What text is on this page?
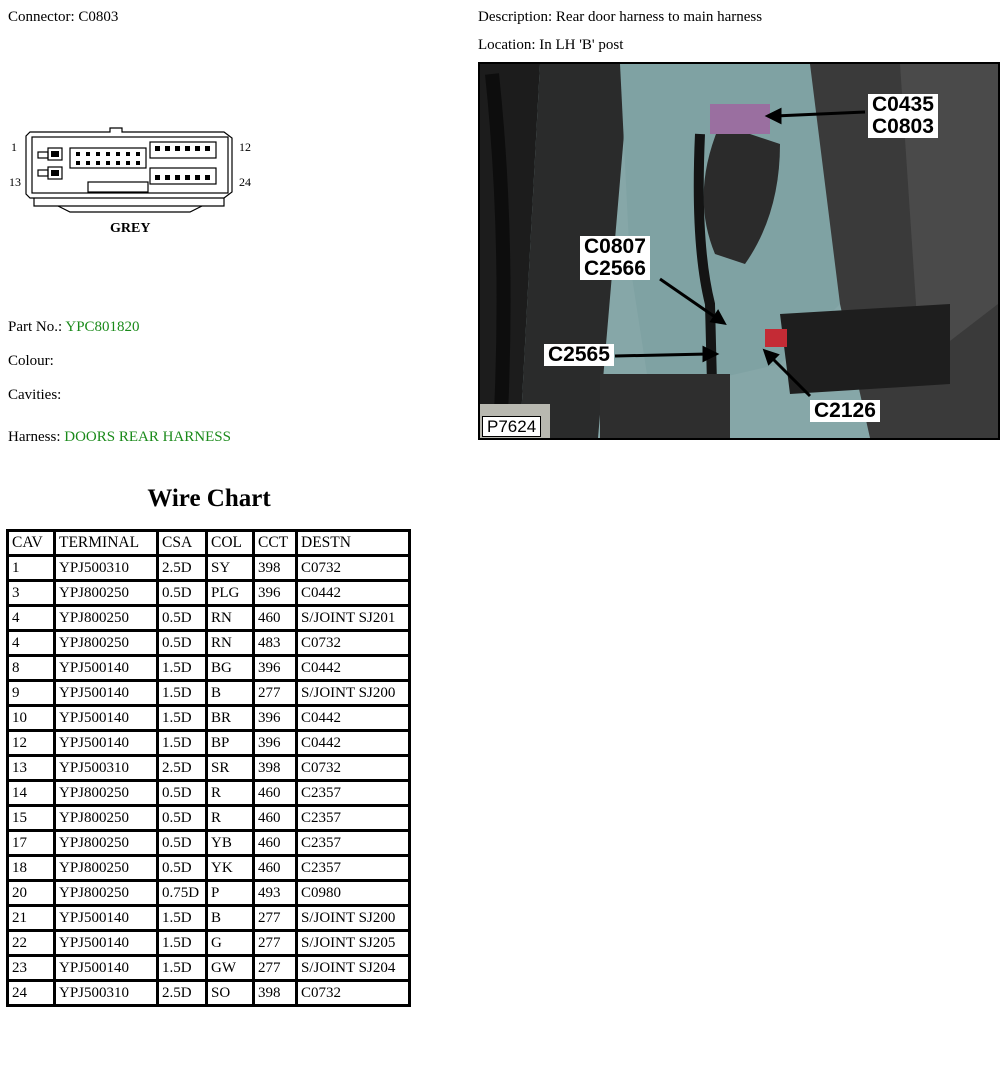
Connector: C0803	Description: Rear door harness to main harness
Location: In LH 'B' post
1	12
13	24
GREY
C0435
C0803
C0807
C2566
C2565
C2126
P7624
Part No.: YPC801820
Colour:
Cavities:
Harness: DOORS REAR HARNESS
Wire Chart
CAV	TERMINAL	CSA	COL	CCT	DESTN
1	YPJ500310	2.5D	SY	398	C0732
3	YPJ800250	0.5D	PLG	396	C0442
4	YPJ800250	0.5D	RN	460	S/JOINT SJ201
4	YPJ800250	0.5D	RN	483	C0732
8	YPJ500140	1.5D	BG	396	C0442
9	YPJ500140	1.5D	B	277	S/JOINT SJ200
10	YPJ500140	1.5D	BR	396	C0442
12	YPJ500140	1.5D	BP	396	C0442
13	YPJ500310	2.5D	SR	398	C0732
14	YPJ800250	0.5D	R	460	C2357
15	YPJ800250	0.5D	R	460	C2357
17	YPJ800250	0.5D	YB	460	C2357
18	YPJ800250	0.5D	YK	460	C2357
20	YPJ800250	0.75D	P	493	C0980
21	YPJ500140	1.5D	B	277	S/JOINT SJ200
22	YPJ500140	1.5D	G	277	S/JOINT SJ205
23	YPJ500140	1.5D	GW	277	S/JOINT SJ204
24	YPJ500310	2.5D	SO	398	C0732
